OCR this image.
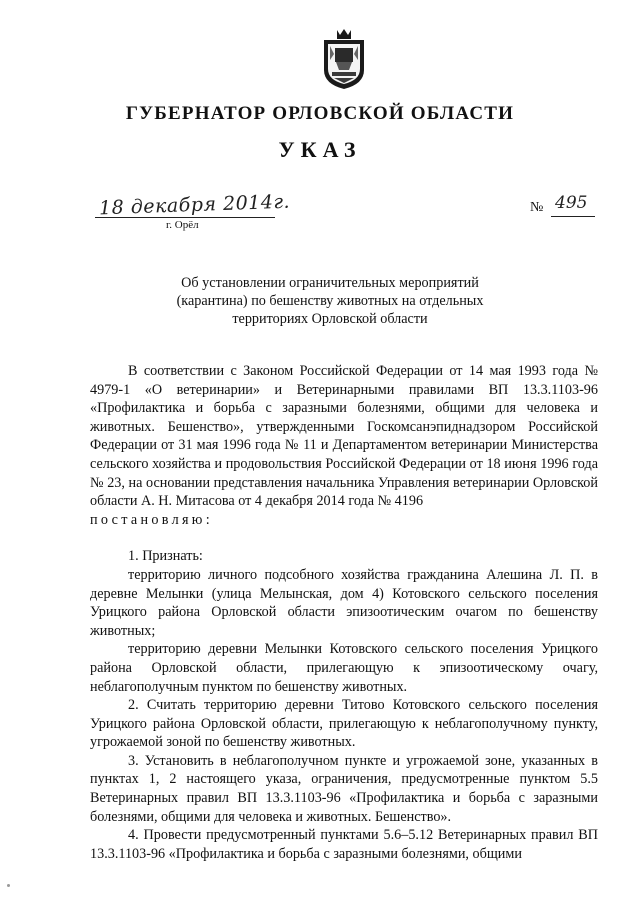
ГУБЕРНАТОР ОРЛОВСКОЙ ОБЛАСТИ
УКАЗ
18 декабря 2014г.
г. Орёл
№ 495
Об установлении ограничительных мероприятий
(карантина) по бешенству животных на отдельных
территориях Орловской области

В соответствии с Законом Российской Федерации от 14 мая 1993 года № 4979-1 «О ветеринарии» и Ветеринарными правилами ВП 13.3.1103-96 «Профилактика и борьба с заразными болезнями, общими для человека и животных. Бешенство», утвержденными Госкомсанэпиднадзором Российской Федерации от 31 мая 1996 года № 11 и Департаментом ветеринарии Министерства сельского хозяйства и продовольствия Российской Федерации от 18 июня 1996 года № 23, на основании представления начальника Управления ветеринарии Орловской области А. Н. Митасова от 4 декабря 2014 года № 4196

постановляю:

1. Признать:

территорию личного подсобного хозяйства гражданина Алешина Л. П. в деревне Мелынки (улица Мелынская, дом 4) Котовского сельского поселения Урицкого района Орловской области эпизоотическим очагом по бешенству животных;

территорию деревни Мелынки Котовского сельского поселения Урицкого района Орловской области, прилегающую к эпизоотическому очагу, неблагополучным пунктом по бешенству животных.

2. Считать территорию деревни Титово Котовского сельского поселения Урицкого района Орловской области, прилегающую к неблагополучному пункту, угрожаемой зоной по бешенству животных.

3. Установить в неблагополучном пункте и угрожаемой зоне, указанных в пунктах 1, 2 настоящего указа, ограничения, предусмотренные пунктом 5.5 Ветеринарных правил ВП 13.3.1103-96 «Профилактика и борьба с заразными болезнями, общими для человека и животных. Бешенство».

4. Провести предусмотренный пунктами 5.6–5.12 Ветеринарных правил ВП 13.3.1103-96 «Профилактика и борьба с заразными болезнями, общими
